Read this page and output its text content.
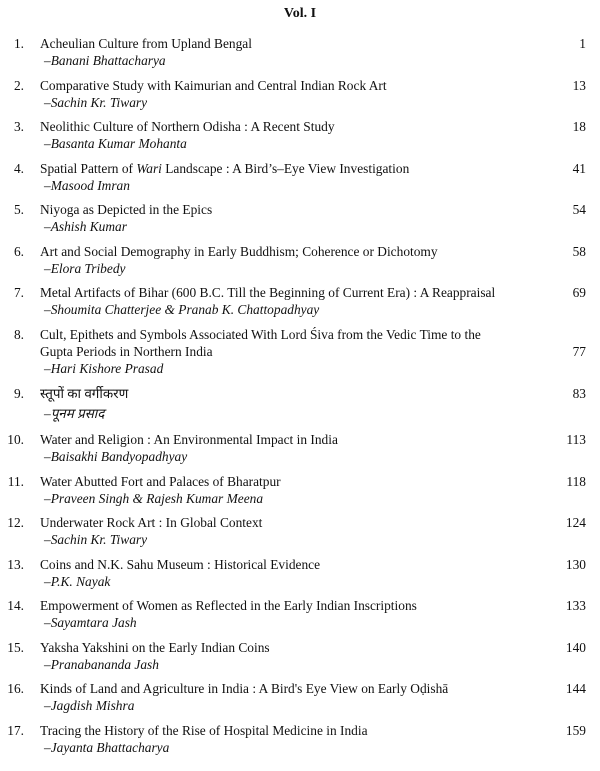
Vol. I
1. Acheulian Culture from Upland Bengal	1
–Banani Bhattacharya
2. Comparative Study with Kaimurian and Central Indian Rock Art	13
–Sachin Kr. Tiwary
3. Neolithic Culture of Northern Odisha : A Recent Study	18
–Basanta Kumar Mohanta
4. Spatial Pattern of Wari Landscape : A Bird’s–Eye View Investigation	41
–Masood Imran
5. Niyoga as Depicted in the Epics	54
–Ashish Kumar
6. Art and Social Demography in Early Buddhism; Coherence or Dichotomy	58
–Elora Tribedy
7. Metal Artifacts of Bihar (600 B.C. Till the Beginning of Current Era) : A Reappraisal	69
–Shoumita Chatterjee & Pranab K. Chattopadhyay
8. Cult, Epithets and Symbols Associated With Lord Śiva from the Vedic Time to the
Gupta Periods in Northern India	77
–Hari Kishore Prasad
9. स्तूपों का वर्गीकरण	83
–पूनम प्रसाद
10. Water and Religion : An Environmental Impact in India	113
–Baisakhi Bandyopadhyay
11. Water Abutted Fort and Palaces of Bharatpur	118
–Praveen Singh & Rajesh Kumar Meena
12. Underwater Rock Art : In Global Context	124
–Sachin Kr. Tiwary
13. Coins and N.K. Sahu Museum : Historical Evidence	130
–P.K. Nayak
14. Empowerment of Women as Reflected in the Early Indian Inscriptions	133
–Sayamtara Jash
15. Yaksha Yakshini on the Early Indian Coins	140
–Pranabananda Jash
16. Kinds of Land and Agriculture in India : A Bird's Eye View on Early Oḍishā	144
–Jagdish Mishra
17. Tracing the History of the Rise of Hospital Medicine in India	159
–Jayanta Bhattacharya
